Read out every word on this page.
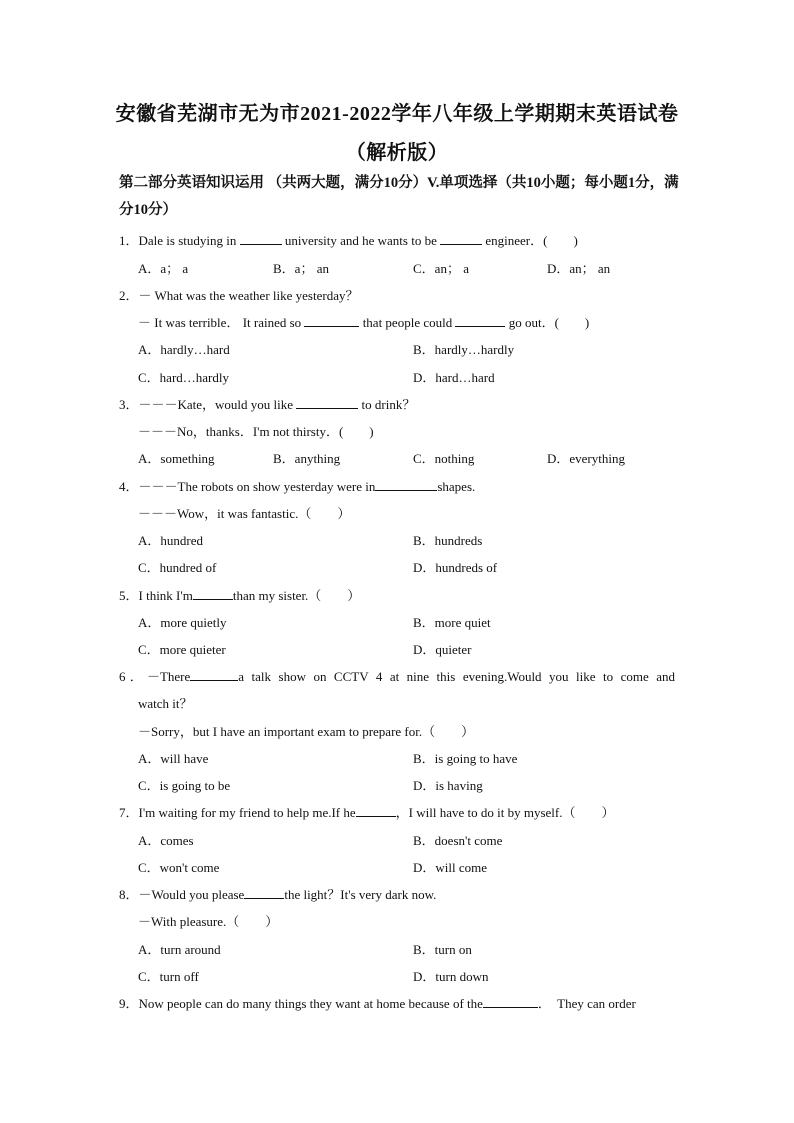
安徽省芜湖市无为市2021-2022学年八年级上学期期末英语试卷
（解析版）
第二部分英语知识运用 （共两大题，满分10分）V.单项选择（共10小题；每小题1分，满分10分）
1．Dale is studying in	university and he wants to be	engineer．(        )
A．a； a	B．a； an	C．an； a	D．an； an
2．－ What was the weather like yesterday？
－ It was terrible． It rained so	that people could	go out．(        )
A．hardly…hard	B．hardly…hardly
C．hard…hardly	D．hard…hard
3．－－－Kate，would you like	to drink？
－－－No，thanks．I'm not thirsty．(        )
A．something	B．anything	C．nothing	D．everything
4．－－－The robots on show yesterday were in	shapes.
－－－Wow，it was fantastic.（        ）
A．hundred	B．hundreds
C．hundred of	D．hundreds of
5．I think I'm	than my sister.（        ）
A．more quietly	B．more quiet
C．more quieter	D．quieter
6．－There	a talk show on CCTV 4 at nine this evening.Would you like to come and
watch it？
－Sorry，but I have an important exam to prepare for.（        ）
A．will have	B．is going to have
C．is going to be	D．is having
7．I'm waiting for my friend to help me.If he	，I will have to do it by myself.（        ）
A．comes	B．doesn't come
C．won't come	D．will come
8．－Would you please	the light？It's very dark now.
－With pleasure.（        ）
A．turn around	B．turn on
C．turn off	D．turn down
9．Now people can do many things they want at home because of the	．  They can order
